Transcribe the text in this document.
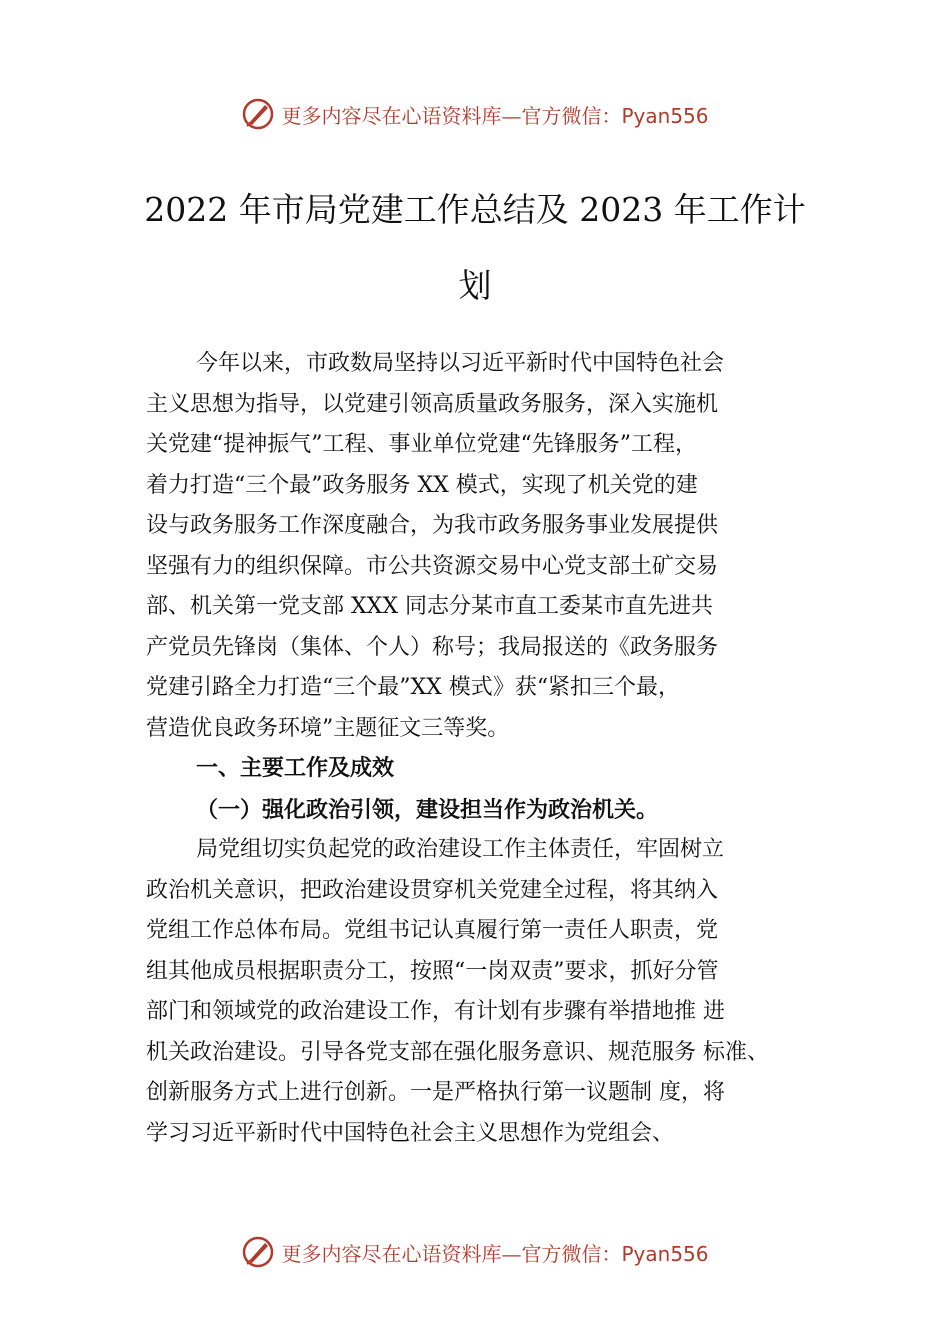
更多内容尽在心语资料库—官方微信：Pyan556
2022 年市局党建工作总结及 2023 年工作计
划
今年以来，市政数局坚持以习近平新时代中国特色社会
主义思想为指导，以党建引领高质量政务服务，深入实施机
关党建“提神振气”工程、事业单位党建“先锋服务”工程，
着力打造“三个最”政务服务 XX 模式，实现了机关党的建
设与政务服务工作深度融合，为我市政务服务事业发展提供
坚强有力的组织保障。市公共资源交易中心党支部土矿交易
部、机关第一党支部 XXX 同志分某市直工委某市直先进共
产党员先锋岗（集体、个人）称号；我局报送的《政务服务
党建引路全力打造“三个最”XX 模式》获“紧扣三个最，
营造优良政务环境”主题征文三等奖。
一、主要工作及成效
（一）强化政治引领，建设担当作为政治机关。
局党组切实负起党的政治建设工作主体责任，牢固树立
政治机关意识，把政治建设贯穿机关党建全过程，将其纳入
党组工作总体布局。党组书记认真履行第一责任人职责，党
组其他成员根据职责分工，按照“一岗双责”要求，抓好分管
部门和领域党的政治建设工作，有计划有步骤有举措地推 进
机关政治建设。引导各党支部在强化服务意识、规范服务 标准、
创新服务方式上进行创新。一是严格执行第一议题制 度，将
学习习近平新时代中国特色社会主义思想作为党组会、
更多内容尽在心语资料库—官方微信：Pyan556
